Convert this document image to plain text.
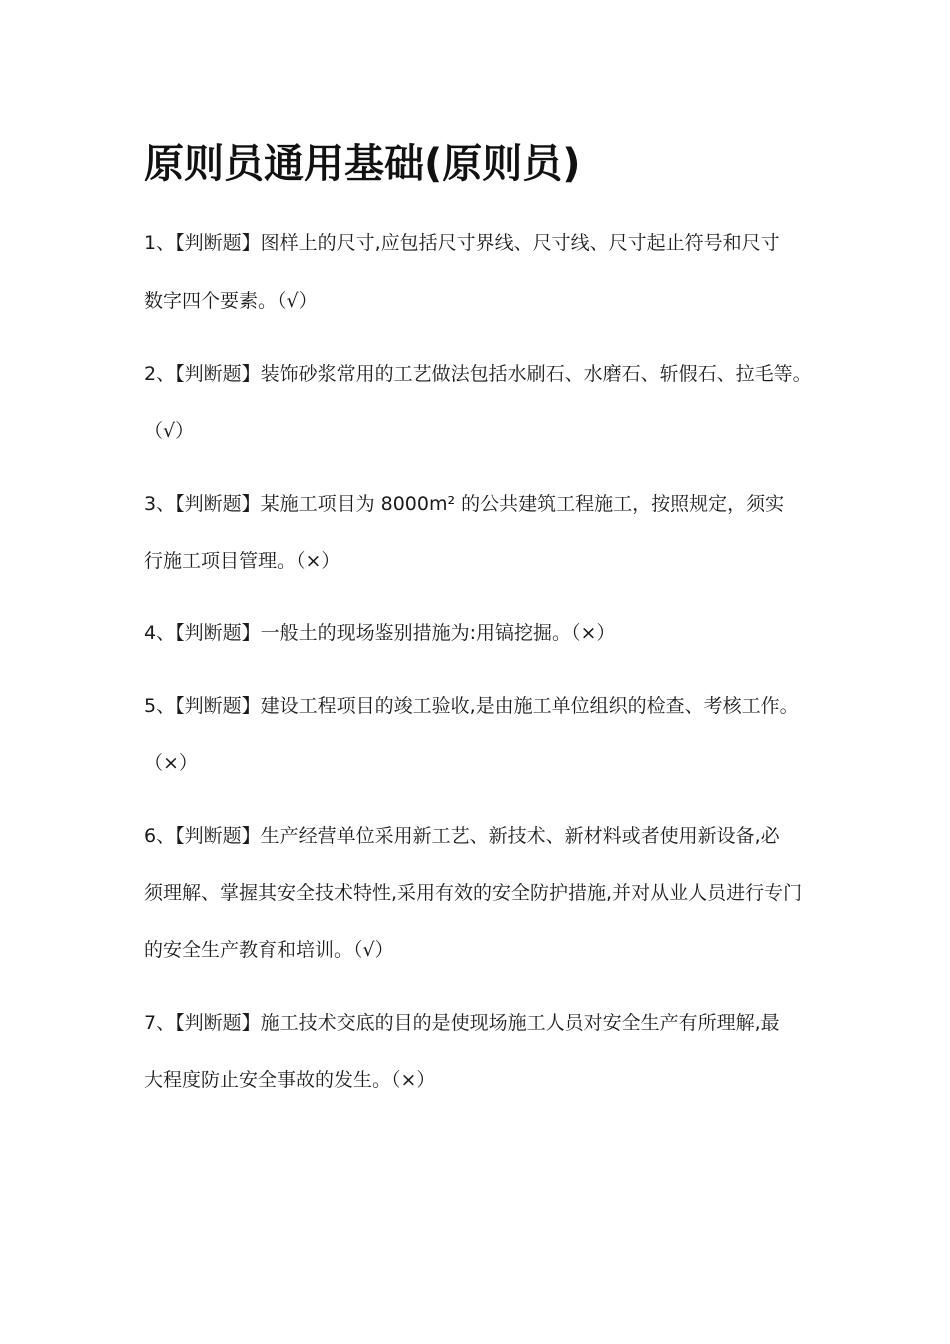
原则员通用基础(原则员)
1、【判断题】图样上的尺寸,应包括尺寸界线、尺寸线、尺寸起止符号和尺寸
数字四个要素。（√）
2、【判断题】装饰砂浆常用的工艺做法包括水刷石、水磨石、斩假石、拉毛等。
（√）
3、【判断题】某施工项目为 8000m² 的公共建筑工程施工，按照规定，须实
行施工项目管理。（×）
4、【判断题】一般土的现场鉴别措施为:用镐挖掘。（×）
5、【判断题】建设工程项目的竣工验收,是由施工单位组织的检查、考核工作。
（×）
6、【判断题】生产经营单位采用新工艺、新技术、新材料或者使用新设备,必
须理解、掌握其安全技术特性,采用有效的安全防护措施,并对从业人员进行专门
的安全生产教育和培训。（√）
7、【判断题】施工技术交底的目的是使现场施工人员对安全生产有所理解,最
大程度防止安全事故的发生。（×）
